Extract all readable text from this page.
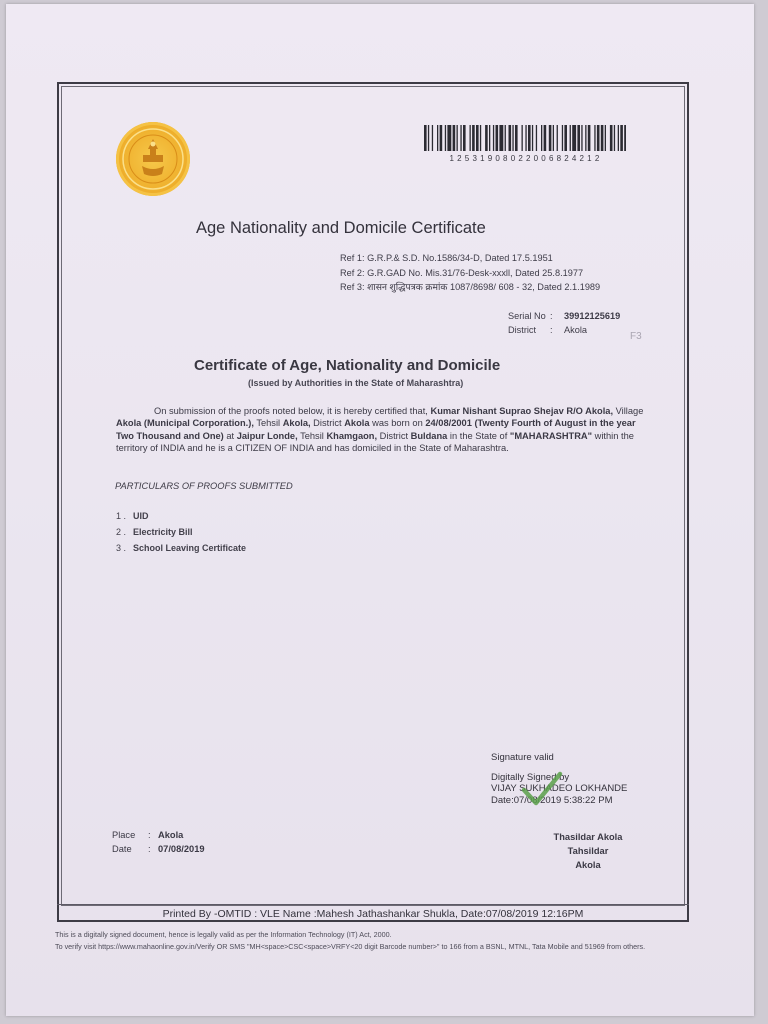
12531908022006824212
Age Nationality and Domicile Certificate
Ref 1: G.R.P.& S.D. No.1586/34-D, Dated 17.5.1951
Ref 2: G.R.GAD No. Mis.31/76-Desk-xxxll, Dated 25.8.1977
Ref 3: शासन शुद्धिपत्रक क्रमांक 1087/8698/ 608 - 32, Dated 2.1.1989
Serial No : 39912125619
District : Akola
F3
Certificate of Age, Nationality and Domicile
(Issued by Authorities in the State of Maharashtra)
On submission of the proofs noted below, it is hereby certified that, Kumar Nishant Suprao Shejav R/O Akola, Village Akola (Municipal Corporation.), Tehsil Akola, District Akola was born on 24/08/2001 (Twenty Fourth of August in the year Two Thousand and One) at Jaipur Londe, Tehsil Khamgaon, District Buldana in the State of "MAHARASHTRA" within the territory of INDIA and he is a CITIZEN OF INDIA and has domiciled in the State of Maharashtra.
PARTICULARS OF PROOFS SUBMITTED
1 . UID
2 . Electricity Bill
3 . School Leaving Certificate
Signature valid
Digitally Signed by
VIJAY SUKHADEO LOKHANDE
Date:07/08/2019 5:38:22 PM
Place : Akola
Date : 07/08/2019
Thasildar Akola
Tahsildar
Akola
Printed By -OMTID : VLE Name :Mahesh Jathashankar Shukla, Date:07/08/2019 12:16PM
This is a digitally signed document, hence is legally valid as per the Information Technology (IT) Act, 2000.
To verify visit https://www.mahaonline.gov.in/Verify OR SMS "MH<space>CSC<space>VRFY<20 digit Barcode number>" to 166 from a BSNL, MTNL, Tata Mobile and 51969 from others.
